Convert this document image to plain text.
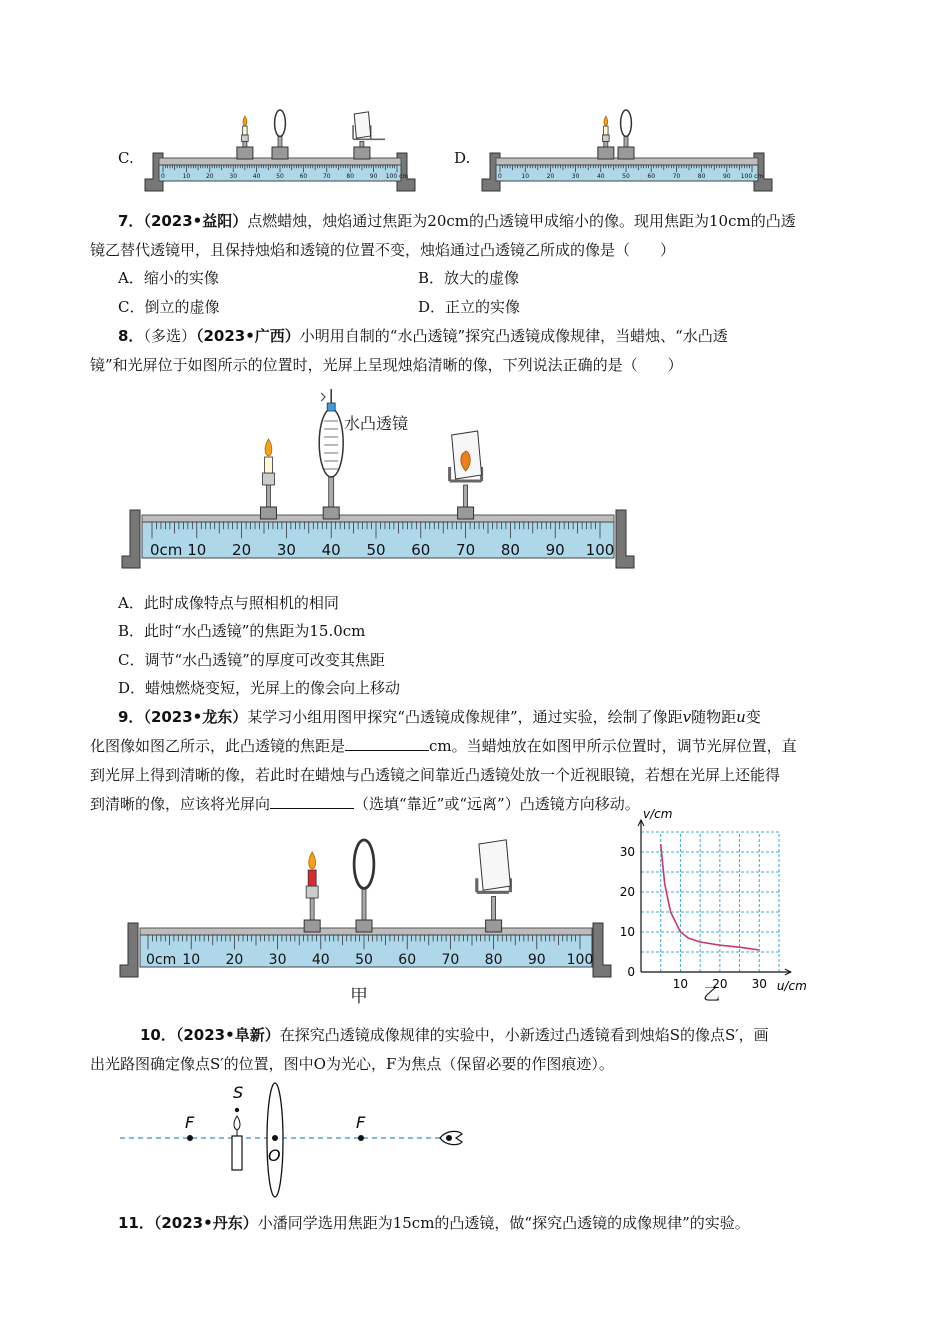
C.	D.
0	10	20	30	40	50	60	70	80	90 100 cm	0	10	20	30	40	50	60	70	80	90 100 cm
7．（2023•益阳）点燃蜡烛，烛焰通过焦距为20cm的凸透镜甲成缩小的像。现用焦距为10cm的凸透
镜乙替代透镜甲，且保持烛焰和透镜的位置不变，烛焰通过凸透镜乙所成的像是（　　）
A．缩小的实像	B．放大的虚像
C．倒立的虚像	D．正立的实像
8．（多选）（2023•广西）小明用自制的“水凸透镜”探究凸透镜成像规律，当蜡烛、“水凸透
镜”和光屏位于如图所示的位置时，光屏上呈现烛焰清晰的像，下列说法正确的是（　　）
水凸透镜
0cm 10 20 30 40 50 60 70 80 90 100
A．此时成像特点与照相机的相同
B．此时“水凸透镜”的焦距为15.0cm
C．调节“水凸透镜”的厚度可改变其焦距
D．蜡烛燃烧变短，光屏上的像会向上移动
9．（2023•龙东）某学习小组用图甲探究“凸透镜成像规律”，通过实验，绘制了像距v随物距u变
化图像如图乙所示，此凸透镜的焦距是	cm。当蜡烛放在如图甲所示位置时，调节光屏位置，直
到光屏上得到清晰的像，若此时在蜡烛与凸透镜之间靠近凸透镜处放一个近视眼镜，若想在光屏上还能得
到清晰的像，应该将光屏向	（选填“靠近”或“远离”）凸透镜方向移动。
甲
0cm 10 20 30 40 50 60 70 80 90 100
乙
0
10
20
30
10 20 30
v/cm
u/cm
10．（2023•阜新）在探究凸透镜成像规律的实验中，小新透过凸透镜看到烛焰S的像点S′，画
出光路图确定像点S′的位置，图中O为光心，F为焦点（保留必要的作图痕迹）。
F	F
S
O
11．（2023•丹东）小潘同学选用焦距为15cm的凸透镜，做“探究凸透镜的成像规律”的实验。
